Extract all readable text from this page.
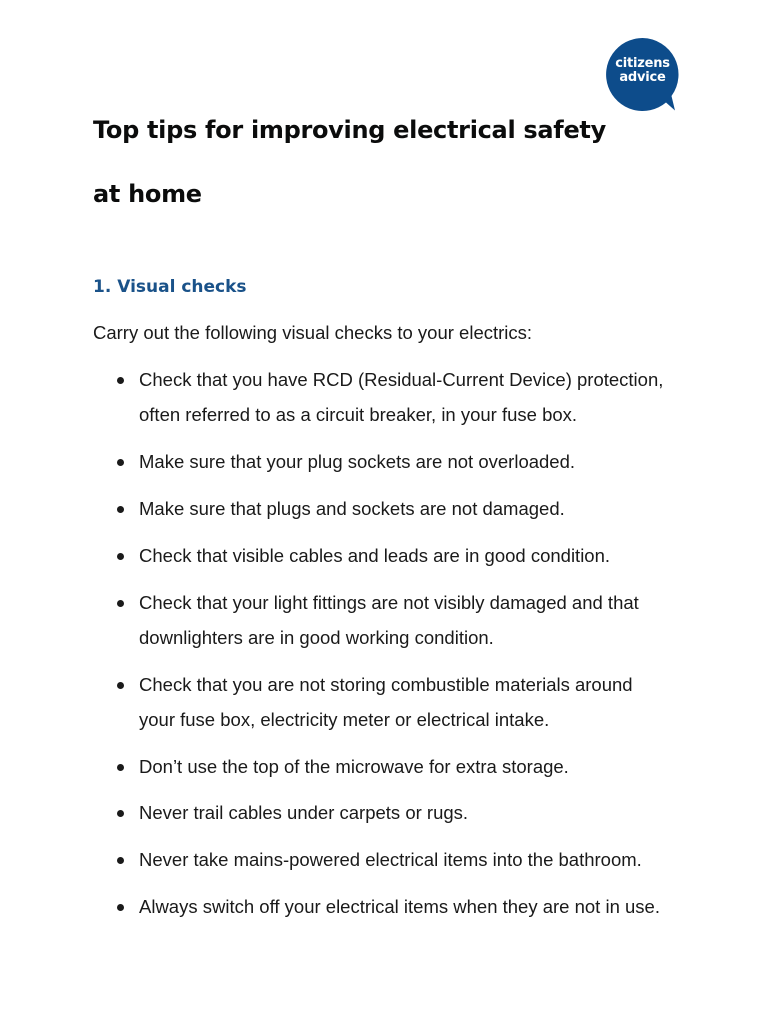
citizens
advice
Top tips for improving electrical safety
at home
1. Visual checks

Carry out the following visual checks to your electrics:

Check that you have RCD (Residual-Current Device) protection,
often referred to as a circuit breaker, in your fuse box.
Make sure that your plug sockets are not overloaded.
Make sure that plugs and sockets are not damaged.
Check that visible cables and leads are in good condition.
Check that your light fittings are not visibly damaged and that
downlighters are in good working condition.
Check that you are not storing combustible materials around
your fuse box, electricity meter or electrical intake.
Don’t use the top of the microwave for extra storage.
Never trail cables under carpets or rugs.
Never take mains-powered electrical items into the bathroom.
Always switch off your electrical items when they are not in use.
